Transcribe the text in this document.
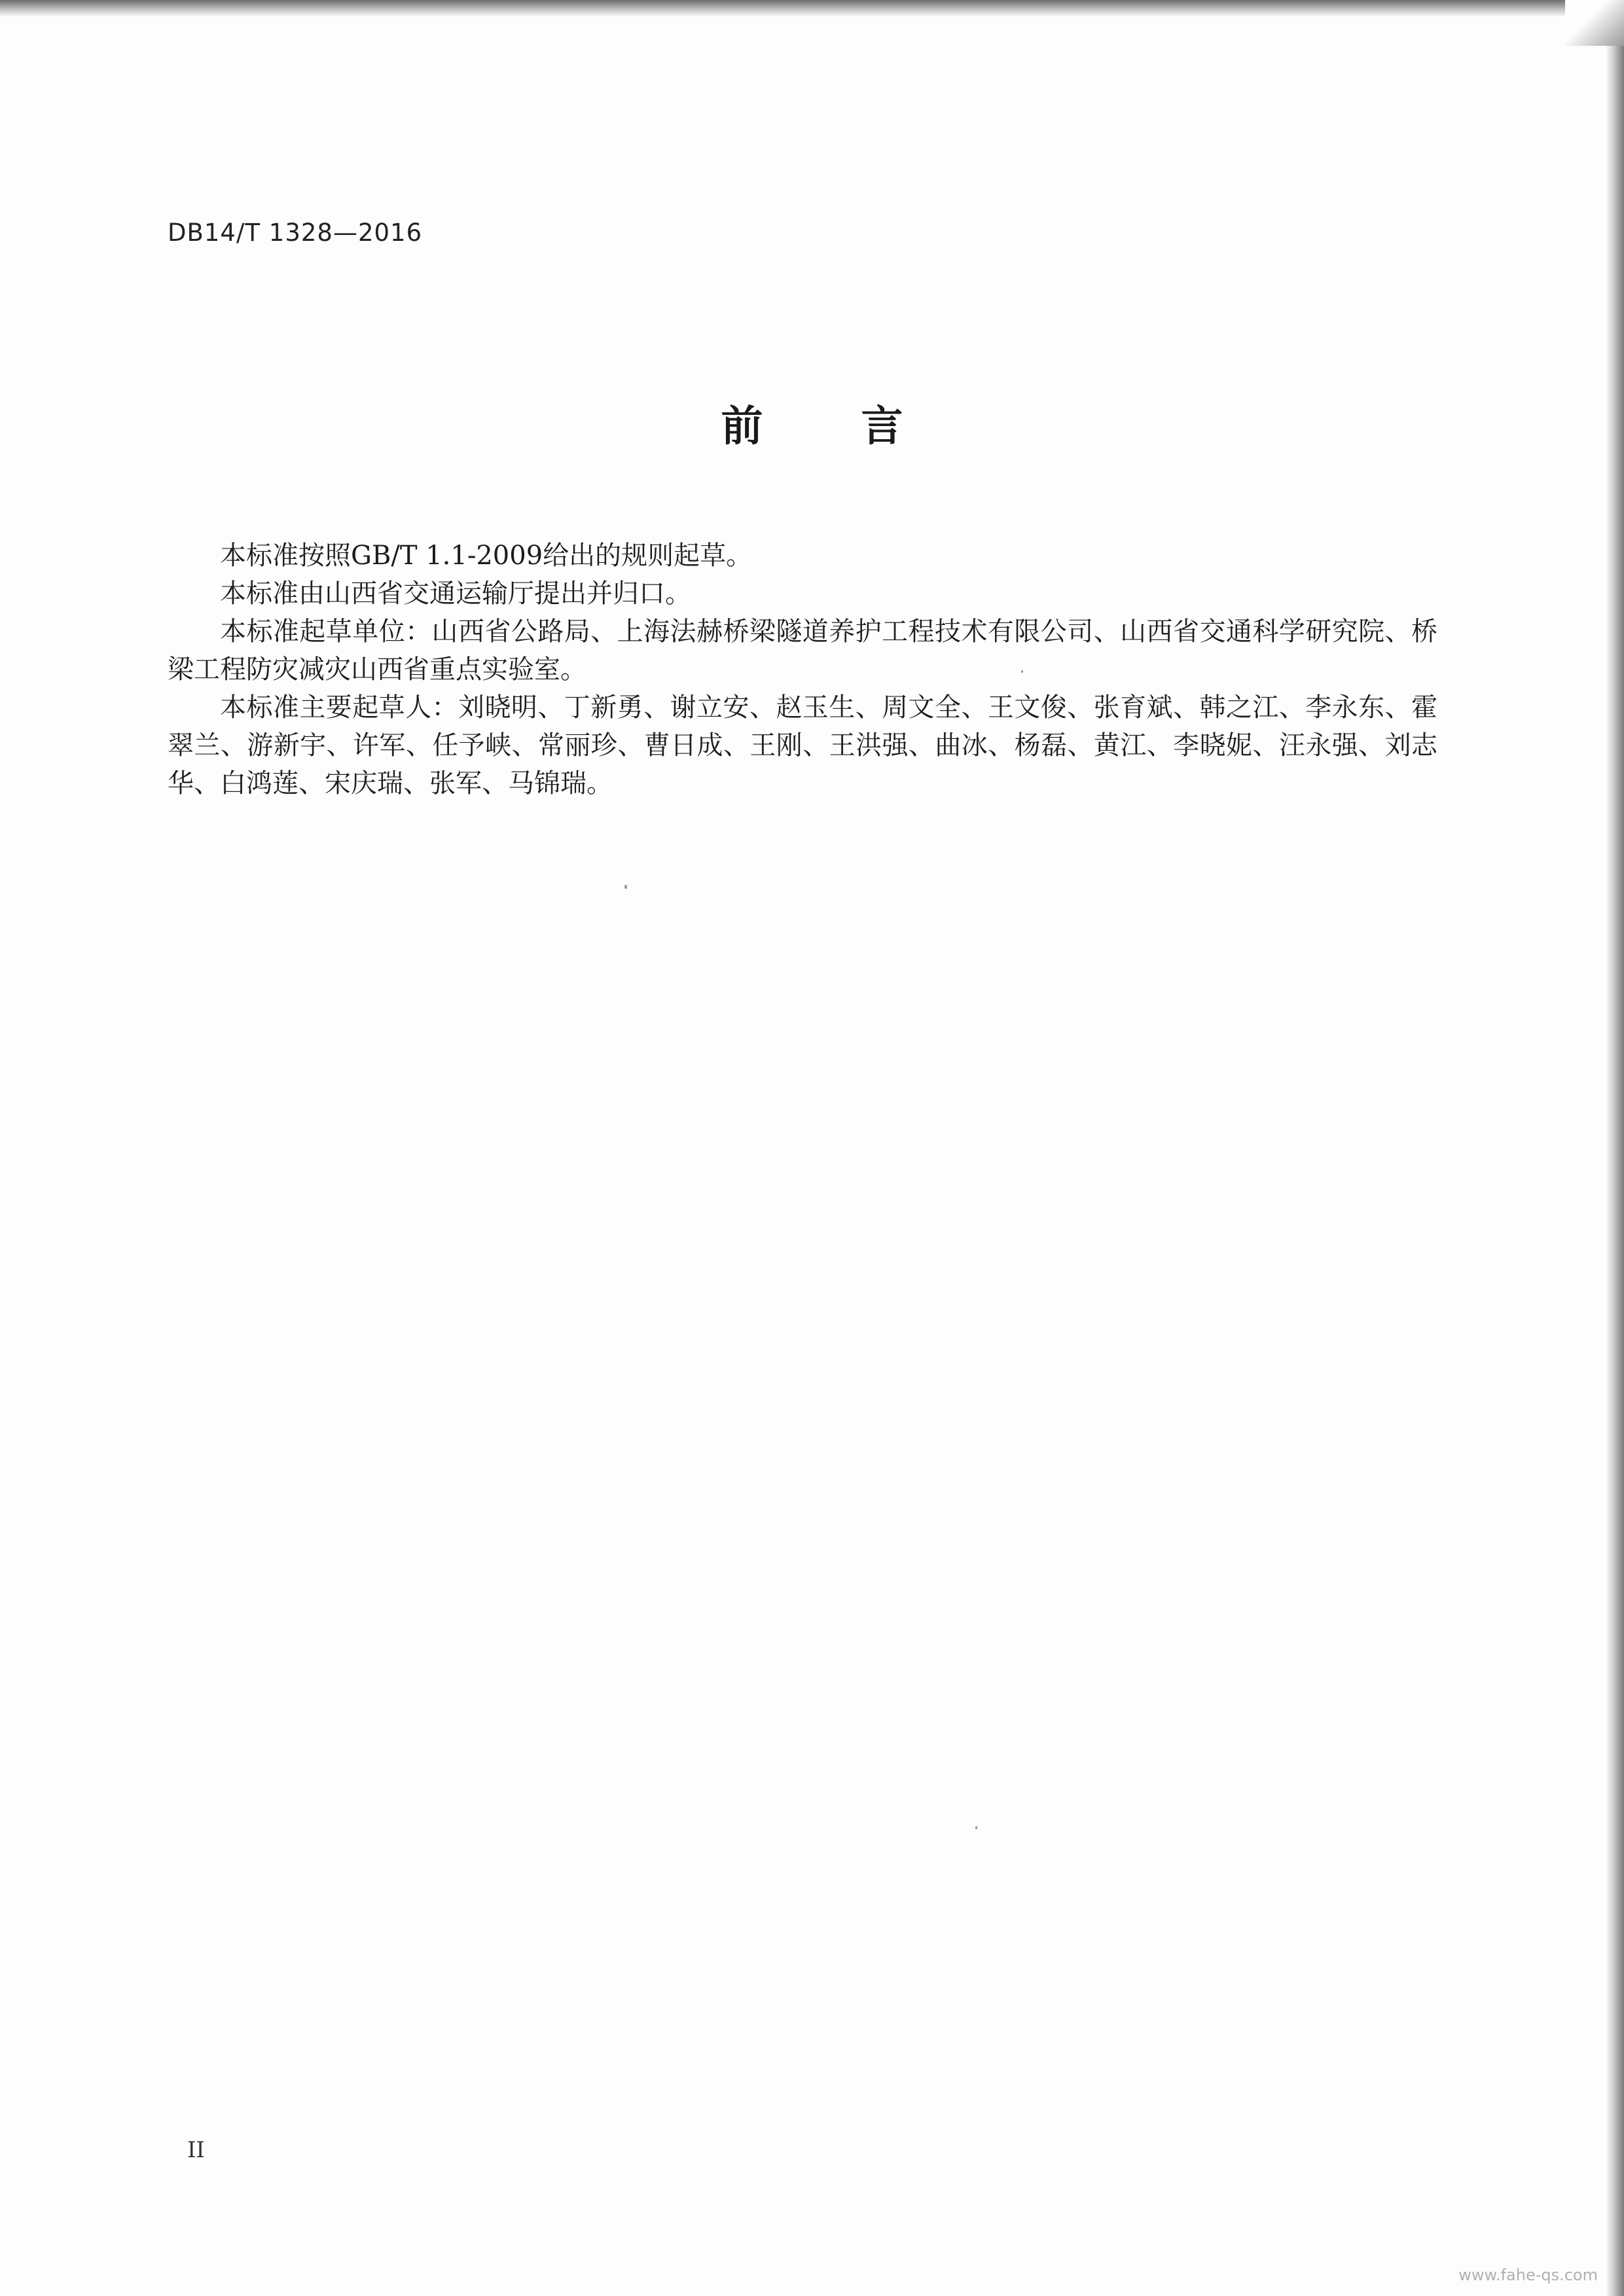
DB14/T 1328—2016
前 言

本标准按照GB/T 1.1-2009给出的规则起草。

本标准由山西省交通运输厅提出并归口。

本标准起草单位：山西省公路局、上海法赫桥梁隧道养护工程技术有限公司、山西省交通科学研究院、桥梁工程防灾减灾山西省重点实验室。

本标准主要起草人：刘晓明、丁新勇、谢立安、赵玉生、周文全、王文俊、张育斌、韩之江、李永东、霍翠兰、游新宇、许军、任予峡、常丽珍、曹日成、王刚、王洪强、曲冰、杨磊、黄江、李晓妮、汪永强、刘志华、白鸿莲、宋庆瑞、张军、马锦瑞。

II
www.fahe-qs.com
